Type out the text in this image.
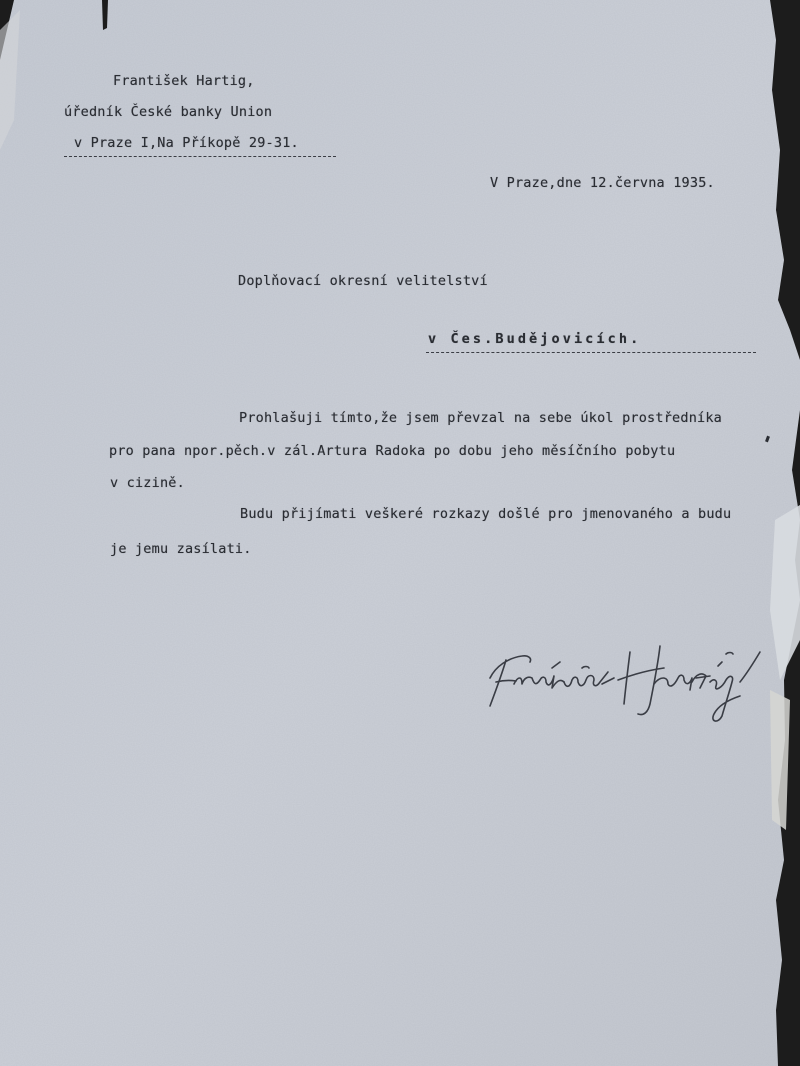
František Hartig,

úředník České banky Union

v Praze I,Na Příkopě 29-31.

V Praze,dne 12.června 1935.

Doplňovací okresní velitelství

v Čes.Budějovicích.

Prohlašuji tímto,že jsem převzal na sebe úkol prostředníka

pro pana npor.pěch.v zál.Artura Radoka po dobu jeho měsíčního pobytu

v cizině.

Budu přijímati veškeré rozkazy došlé pro jmenovaného a budu

je jemu zasílati.
